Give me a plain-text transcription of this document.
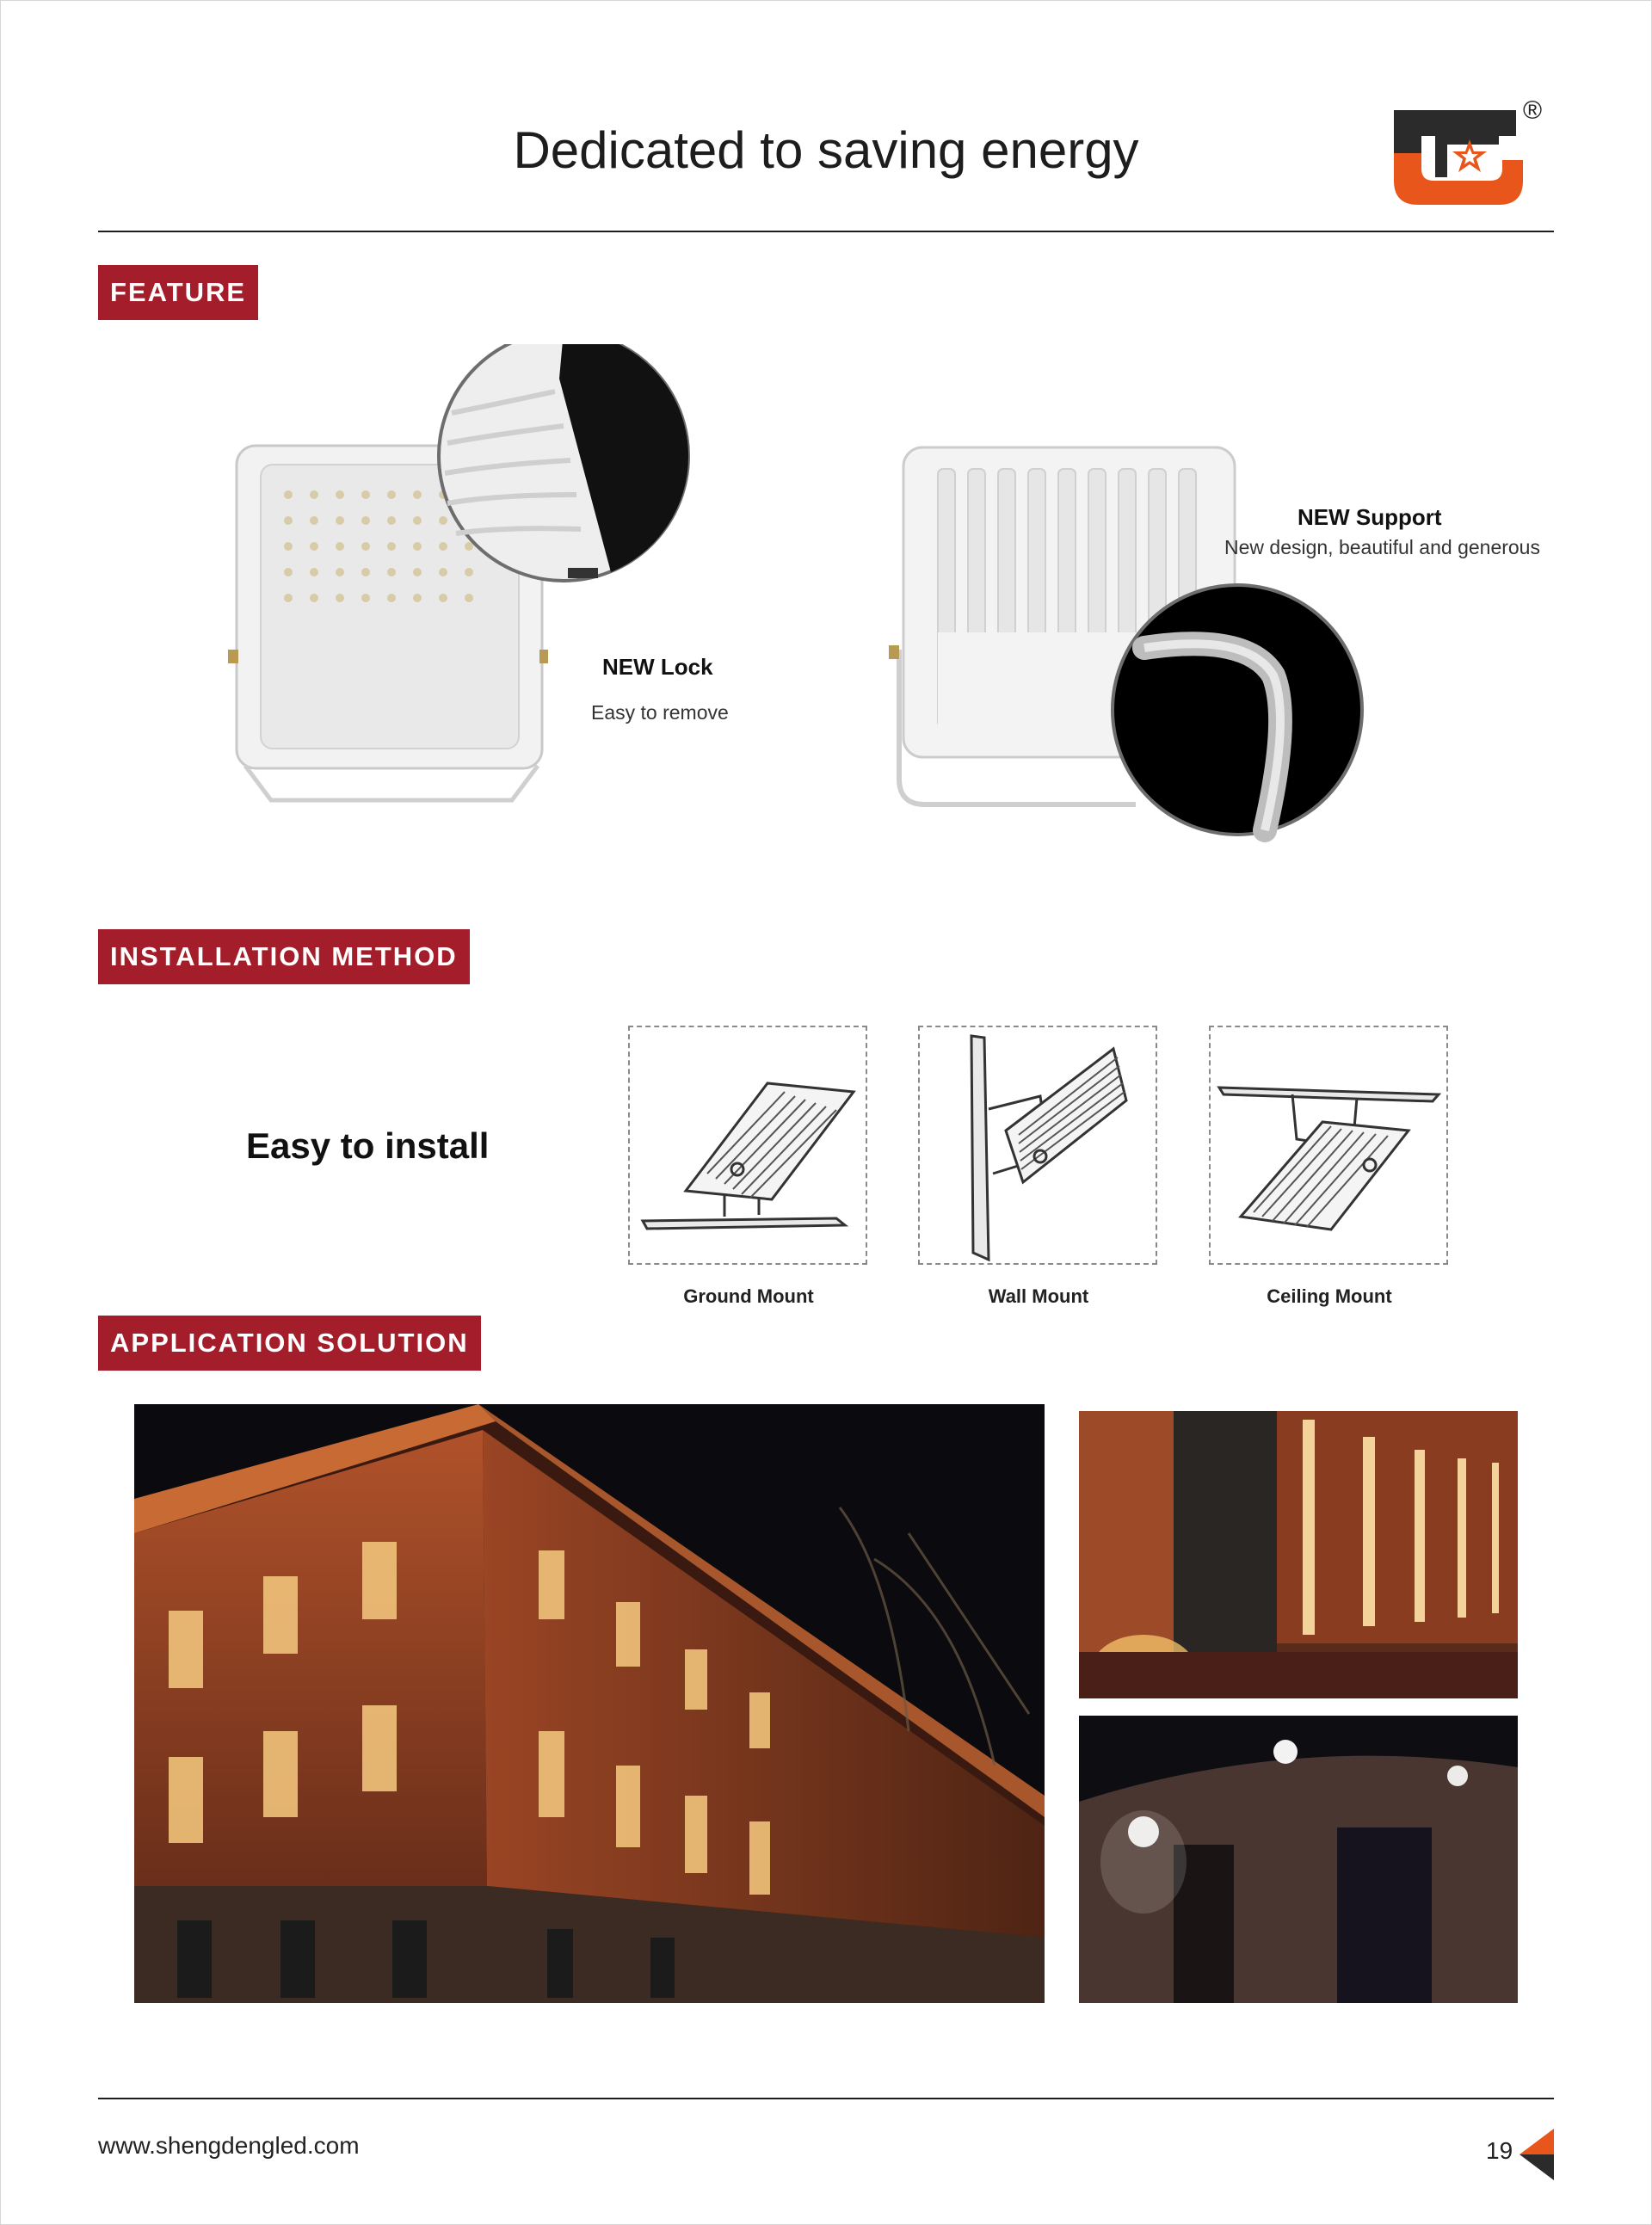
Dedicated to saving energy
®
FEATURE
NEW Lock
Easy to remove
NEW Support
New design, beautiful and generous
INSTALLATION METHOD
Easy to install
Ground Mount	Wall Mount	Ceiling Mount
APPLICATION SOLUTION
www.shengdengled.com	19
